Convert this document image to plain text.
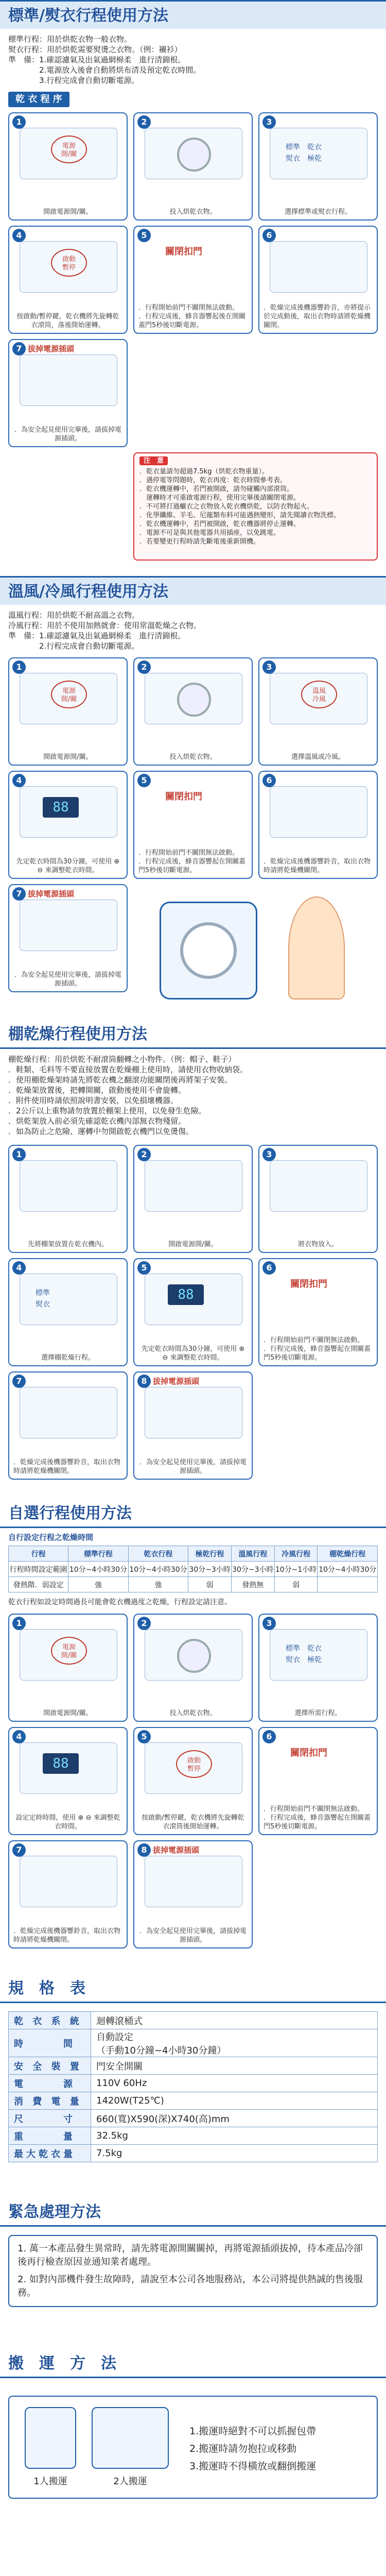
標準/熨衣行程使用方法

標準行程：用於烘乾衣物一般衣物。

熨衣行程：用於烘乾需要熨燙之衣物。（例：襯衫）

準　備：1.確認濾氣及出氣過網棉柔　進行清錦根。

　　　　2.電源放入後會自動將烘布清及預定乾衣時間。

　　　　3.行程完成會自動切斷電源。

乾 衣 程 序
1
電源
開/關
開啟電源開/關。
2
投入烘乾衣物。
3
標準　乾衣
熨衣　極乾
選擇標準或熨衣行程。
4
啟動
暫停
按啟動/暫停鍵，乾衣機將先旋轉乾衣滾筒，落後開始運轉。
5
關閉扣門
．行程開始前門不關閉無法啟動。
．行程完成後，蜂音器響起後在開關蓋門5秒後切斷電源。
6
．乾燥完成後機器響鈴音，亦將提示於完成動後，取出衣物時請將乾燥機關閉。
7 拔掉電源插頭
．為安全起見使用完畢後，請拔掉電源插頭。
注　意
．乾衣量請勿超過7.5kg（烘乾衣物重量）。
．遇停電等問題時，乾衣再度：乾衣時間參考表。
．乾衣機運轉中，若門被開啟，請勿碰觸內部滾筒。
　運轉時才可重啟電源行程，使用完畢後請關閉電源。
．不可將打過蠟衣之衣物放入乾衣機烘乾，以防衣物起火。
．化學纖維、羊毛、尼龍類布料可能遇熱變形，請先閱讀衣物洗標。
．乾衣機運轉中，若門被開啟，乾衣機器將停止運轉。
．電源不可是與其他電器共用插座，以免跳電。
．若要變更行程時請先斷電後重新開機。
溫風/冷風行程使用方法

溫風行程：用於烘乾不耐高溫之衣物。

冷風行程：用於不使用加熱就會：使用常溫乾燥之衣物。

準　備：1.確認濾氣及出氣過網棉柔　進行清錦根。

　　　　2.行程完成會自動切斷電源。

1
電源
開/關
開啟電源開/關。
2
投入烘乾衣物。
3
溫風
冷風
選擇溫風或冷風。
4
88
先定乾衣時間為30分鐘，可使用 ⊕ ⊖ 來調整乾衣時間。
5
關閉扣門
．行程開始前門不關閉無法啟動。
．行程完成後，蜂音器響起在開關蓋門5秒後切斷電源。
6
．乾燥完成後機器響鈴音，取出衣物時請將乾燥機關閉。
7 拔掉電源插頭
．為安全起見使用完畢後，請拔掉電源插頭。
棚乾燥行程使用方法

棚乾燥行程：用於烘乾不耐滾筒翻轉之小物件。（例：帽子、鞋子）

．鞋類、毛料等不要直接放置在乾燥棚上使用時，請使用衣物收納袋。

．使用棚乾燥架時請先將乾衣機之翻滾功能關閉後再將架子安裝。

．乾燥架放置後，把轉開關，啟動後使用不會旋轉。

．附件使用時請依照說明書安裝，以免損壞機器。

．2公斤以上重物請勿放置於棚架上使用，以免發生危險。

．烘乾架放入前必須先確認乾衣機內部無衣物殘留。

．如為防止之危險、運轉中勿開啟乾衣機門以免燙傷。

1
先將棚架放置在乾衣機內。
2
開啟電源開/關。
3
將衣物放入。
4
標準
熨衣
選擇棚乾燥行程。
5
88
先定乾衣時間為30分鐘，可使用 ⊕ ⊖ 來調整乾衣時間。
6
關閉扣門
．行程開始前門不關閉無法啟動。
．行程完成後，蜂音器響起在開關蓋門5秒後切斷電源。
7
．乾燥完成後機器響鈴音，取出衣物時請將乾燥機關閉。
8 拔掉電源插頭
．為安全起見使用完畢後，請拔掉電源插頭。
自選行程使用方法
自行設定行程之乾燥時間
行程	標準行程	乾衣行程	極乾行程	溫風行程	冷風行程	棚乾燥行程
行程時間設定範圍	10分~4小時30分	10分~4小時30分	30分~3小時	30分~3小時	10分~1小時	10分~4小時30分
發熱階．弱設定	強	強	弱	發熱無	弱	
乾衣行程如設定時間過長可能會乾衣機過度之乾燥，行程設定請注意。
1
電源
開/關
開啟電源開/關。
2
投入烘乾衣物。
3
標準　乾衣
熨衣　極乾
選擇所需行程。
4
88
設定定時時間，使用 ⊕ ⊖ 來調整乾衣時間。
5
啟動
暫停
按啟動/暫停鍵，乾衣機將先旋轉乾衣滾筒後開始運轉。
6
關閉扣門
．行程開始前門不關閉無法啟動。
．行程完成後，蜂音器響起在開關蓋門5秒後切斷電源。
7
．乾燥完成後機器響鈴音，取出衣物時請將乾燥機關閉。
8 拔掉電源插頭
．為安全起見使用完畢後，請拔掉電源插頭。
規　格　表
乾 衣 系 統	迴轉滾桶式
時　　　間	自動設定
（手動10分鐘~4小時30分鐘）
安 全 裝 置	門安全開關
電　　　源	110V 60Hz
消 費 電 量	1420W(T25℃)
尺　　　寸	660(寬)X590(深)X740(高)mm
重　　　量	32.5kg
最大乾衣量	7.5kg
緊急處理方法

1. 萬一本產品發生異常時，請先將電源開關關掉，再將電源插頭拔掉，待本產品冷卻後再行檢查原因並通知業者處理。

2. 如對內部機件發生故障時，請說至本公司各地服務站，本公司將提供熱誠的售後服務。

搬　運　方　法
1人搬運	2人搬運

1.搬運時絕對不可以抓握包帶

2.搬運時請勿抱拉或移動

3.搬運時不得橫放或翻倒搬運
